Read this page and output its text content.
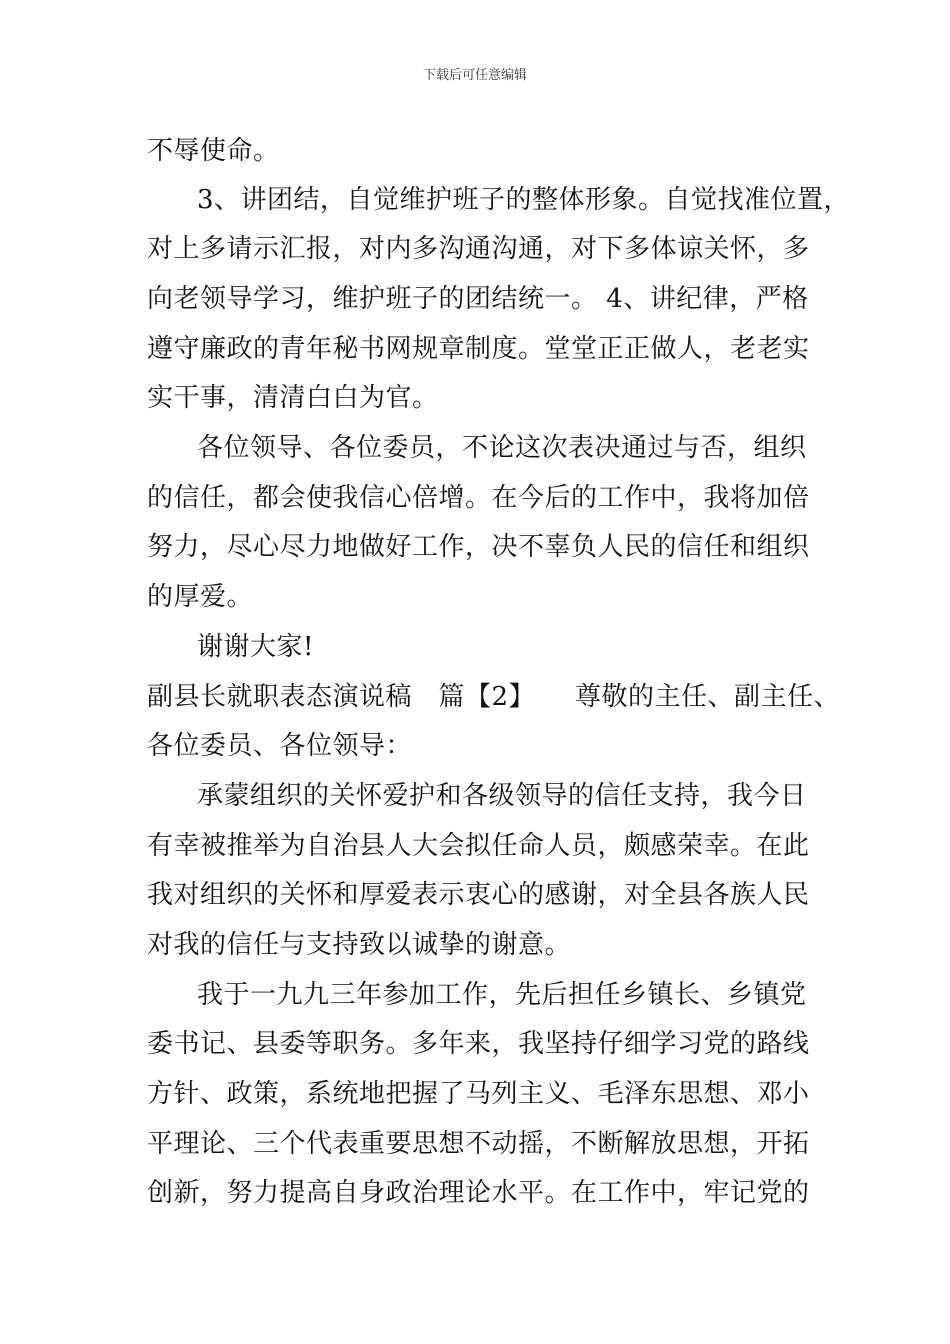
下载后可任意编辑
不辱使命。
3、讲团结，自觉维护班子的整体形象。自觉找准位置，
对上多请示汇报，对内多沟通沟通，对下多体谅关怀，多
向老领导学习，维护班子的团结统一。 4、讲纪律，严格
遵守廉政的青年秘书网规章制度。堂堂正正做人，老老实
实干事，清清白白为官。
各位领导、各位委员，不论这次表决通过与否，组织
的信任，都会使我信心倍增。在今后的工作中，我将加倍
努力，尽心尽力地做好工作，决不辜负人民的信任和组织
的厚爱。
谢谢大家!
副县长就职表态演说稿　篇【2】　　尊敬的主任、副主任、
各位委员、各位领导：
承蒙组织的关怀爱护和各级领导的信任支持，我今日
有幸被推举为自治县人大会拟任命人员，颇感荣幸。在此
我对组织的关怀和厚爱表示衷心的感谢，对全县各族人民
对我的信任与支持致以诚挚的谢意。
我于一九九三年参加工作，先后担任乡镇长、乡镇党
委书记、县委等职务。多年来，我坚持仔细学习党的路线
方针、政策，系统地把握了马列主义、毛泽东思想、邓小
平理论、三个代表重要思想不动摇，不断解放思想，开拓
创新，努力提高自身政治理论水平。在工作中，牢记党的
